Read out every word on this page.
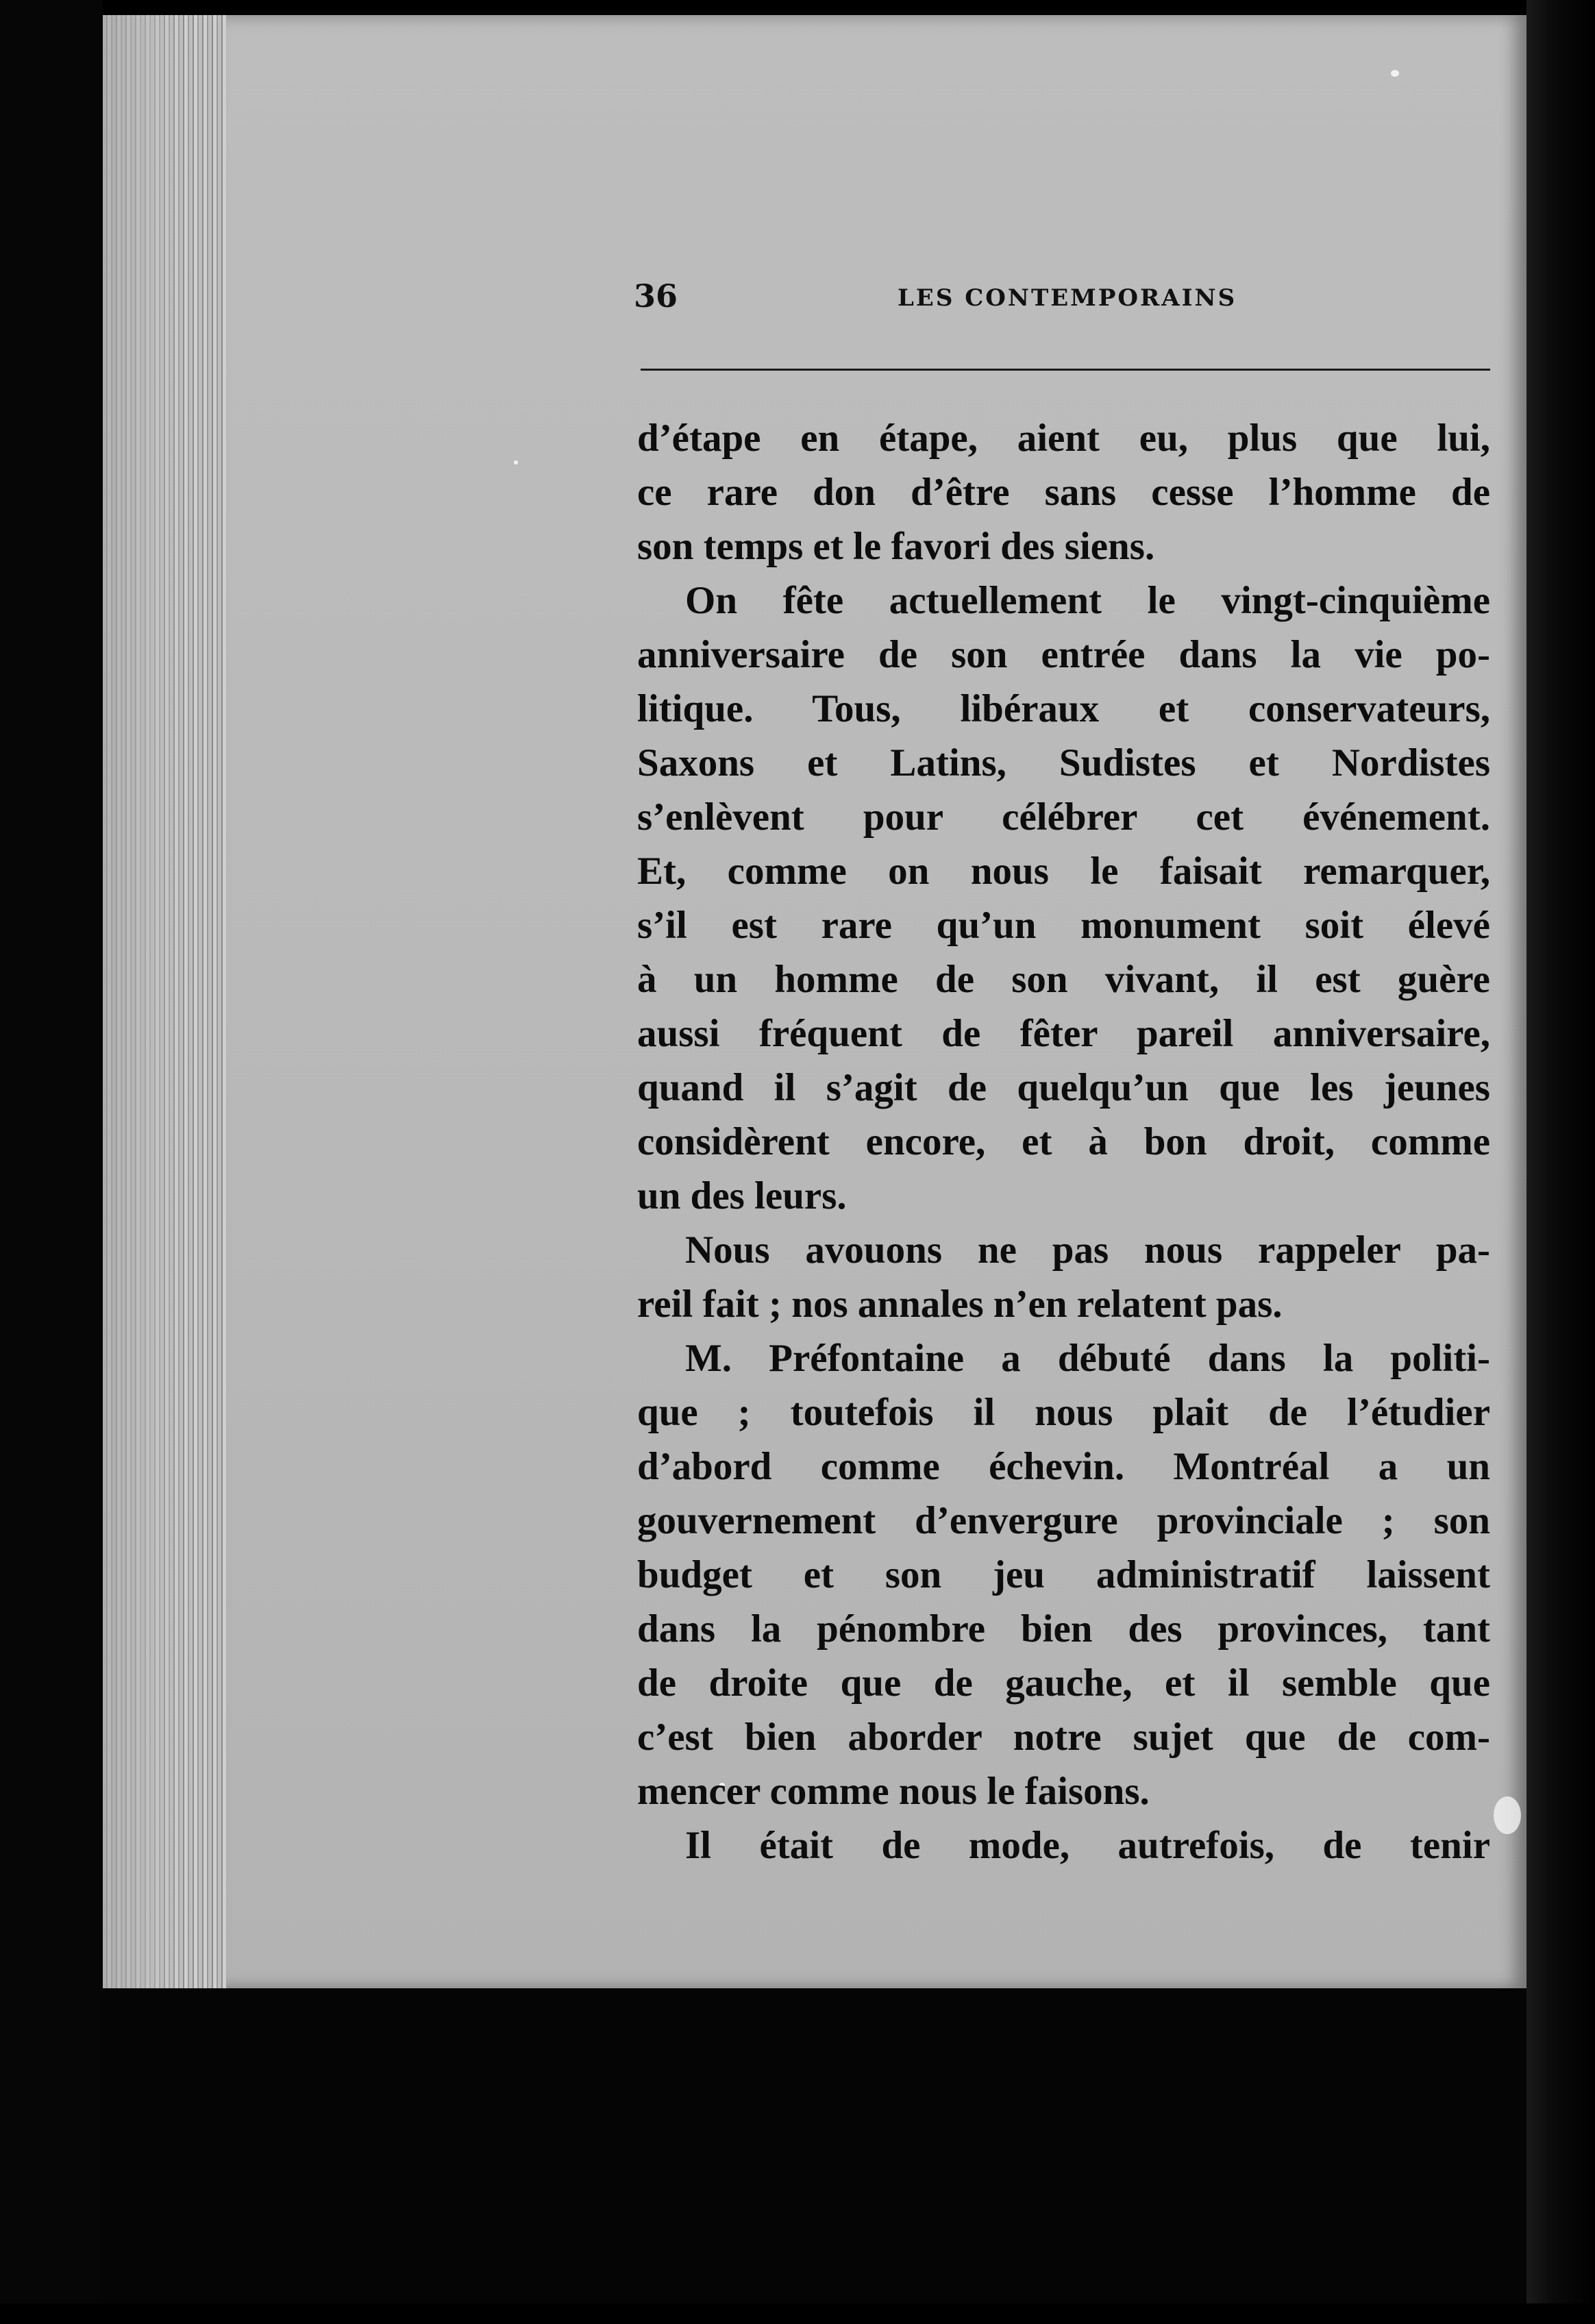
36	LES CONTEMPORAINS
d’étape en étape, aient eu, plus que lui,
ce rare don d’être sans cesse l’homme de
son temps et le favori des siens.
On fête actuellement le vingt-cinquième
anniversaire de son entrée dans la vie po-
litique. Tous, libéraux et conservateurs,
Saxons et Latins, Sudistes et Nordistes
s’enlèvent pour célébrer cet événement.
Et, comme on nous le faisait remarquer,
s’il est rare qu’un monument soit élevé
à un homme de son vivant, il est guère
aussi fréquent de fêter pareil anniversaire,
quand il s’agit de quelqu’un que les jeunes
considèrent encore, et à bon droit, comme
un des leurs.
Nous avouons ne pas nous rappeler pa-
reil fait ; nos annales n’en relatent pas.
M. Préfontaine a débuté dans la politi-
que ; toutefois il nous plait de l’étudier
d’abord comme échevin. Montréal a un
gouvernement d’envergure provinciale ; son
budget et son jeu administratif laissent
dans la pénombre bien des provinces, tant
de droite que de gauche, et il semble que
c’est bien aborder notre sujet que de com-
mencer comme nous le faisons.
Il était de mode, autrefois, de tenir
